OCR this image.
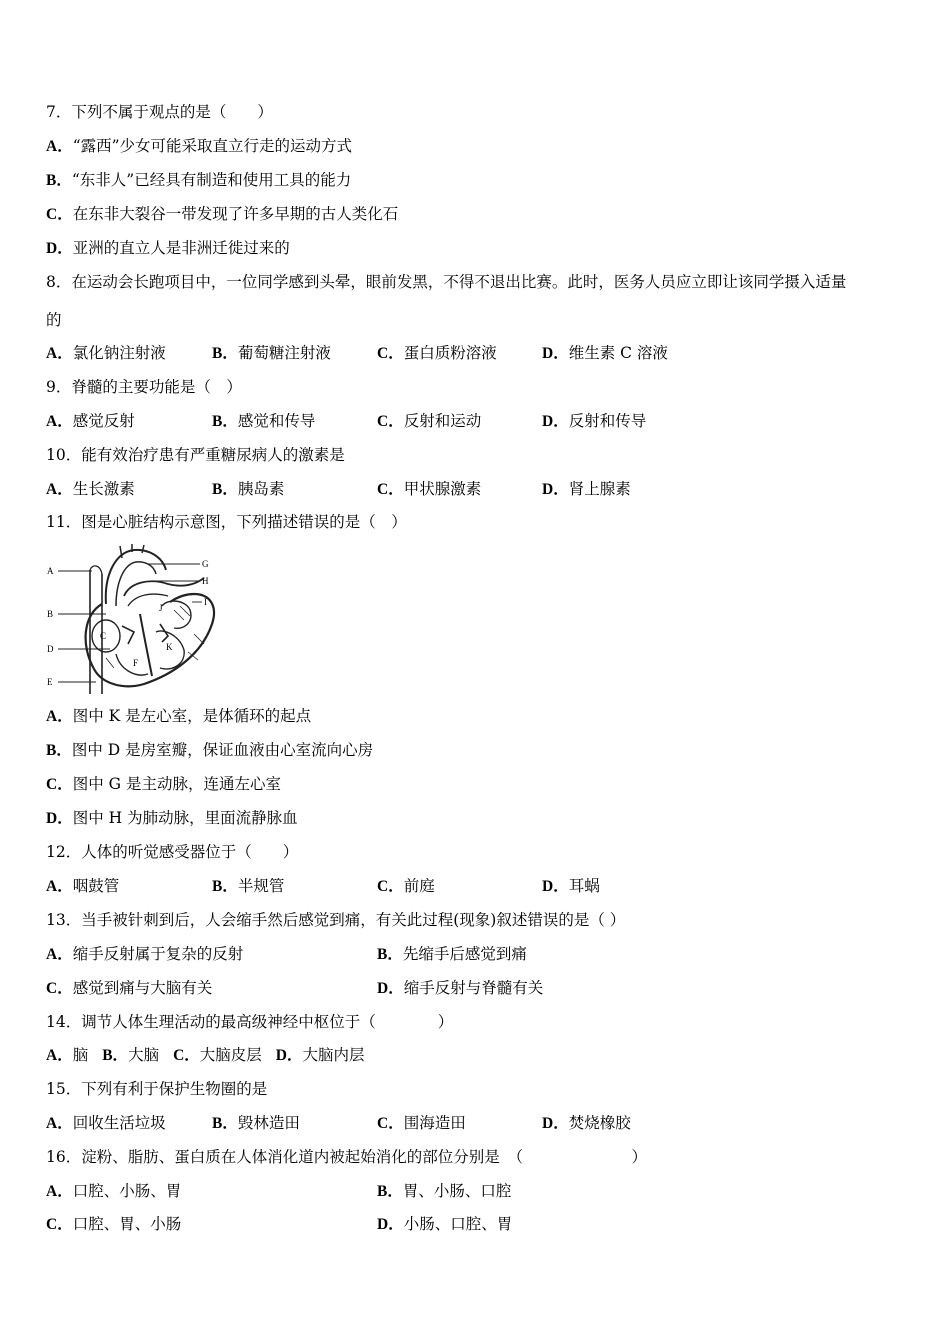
7．下列不属于观点的是（　　）
A．“露西”少女可能采取直立行走的运动方式
B．“东非人”已经具有制造和使用工具的能力
C．在东非大裂谷一带发现了许多早期的古人类化石
D．亚洲的直立人是非洲迁徙过来的
8．在运动会长跑项目中，一位同学感到头晕，眼前发黑，不得不退出比赛。此时，医务人员应立即让该同学摄入适量
的
A．氯化钠注射液	B．葡萄糖注射液	C．蛋白质粉溶液	D．维生素 C 溶液
9．脊髓的主要功能是（　）
A．感觉反射	B．感觉和传导	C．反射和运动	D．反射和传导
10．能有效治疗患有严重糖尿病人的激素是
A．生长激素	B．胰岛素	C．甲状腺激素	D．肾上腺素
11．图是心脏结构示意图，下列描述错误的是（　）
A
B
C
D
E
F
G
H
I
J
K
A．图中 K 是左心室，是体循环的起点
B．图中 D 是房室瓣，保证血液由心室流向心房
C．图中 G 是主动脉，连通左心室
D．图中 H 为肺动脉，里面流静脉血
12．人体的听觉感受器位于（　　）
A．咽鼓管	B．半规管	C．前庭	D．耳蜗
13．当手被针刺到后，人会缩手然后感觉到痛，有关此过程(现象)叙述错误的是（ ）
A．缩手反射属于复杂的反射	B．先缩手后感觉到痛
C．感觉到痛与大脑有关	D．缩手反射与脊髓有关
14．调节人体生理活动的最高级神经中枢位于（　　　　）
A．脑 B．大脑 C．大脑皮层 D．大脑内层
15．下列有利于保护生物圈的是
A．回收生活垃圾	B．毁林造田	C．围海造田	D．焚烧橡胶
16．淀粉、脂肪、蛋白质在人体消化道内被起始消化的部位分别是　（　　　　　　　）
A．口腔、小肠、胃	B．胃、小肠、口腔
C．口腔、胃、小肠	D．小肠、口腔、胃
